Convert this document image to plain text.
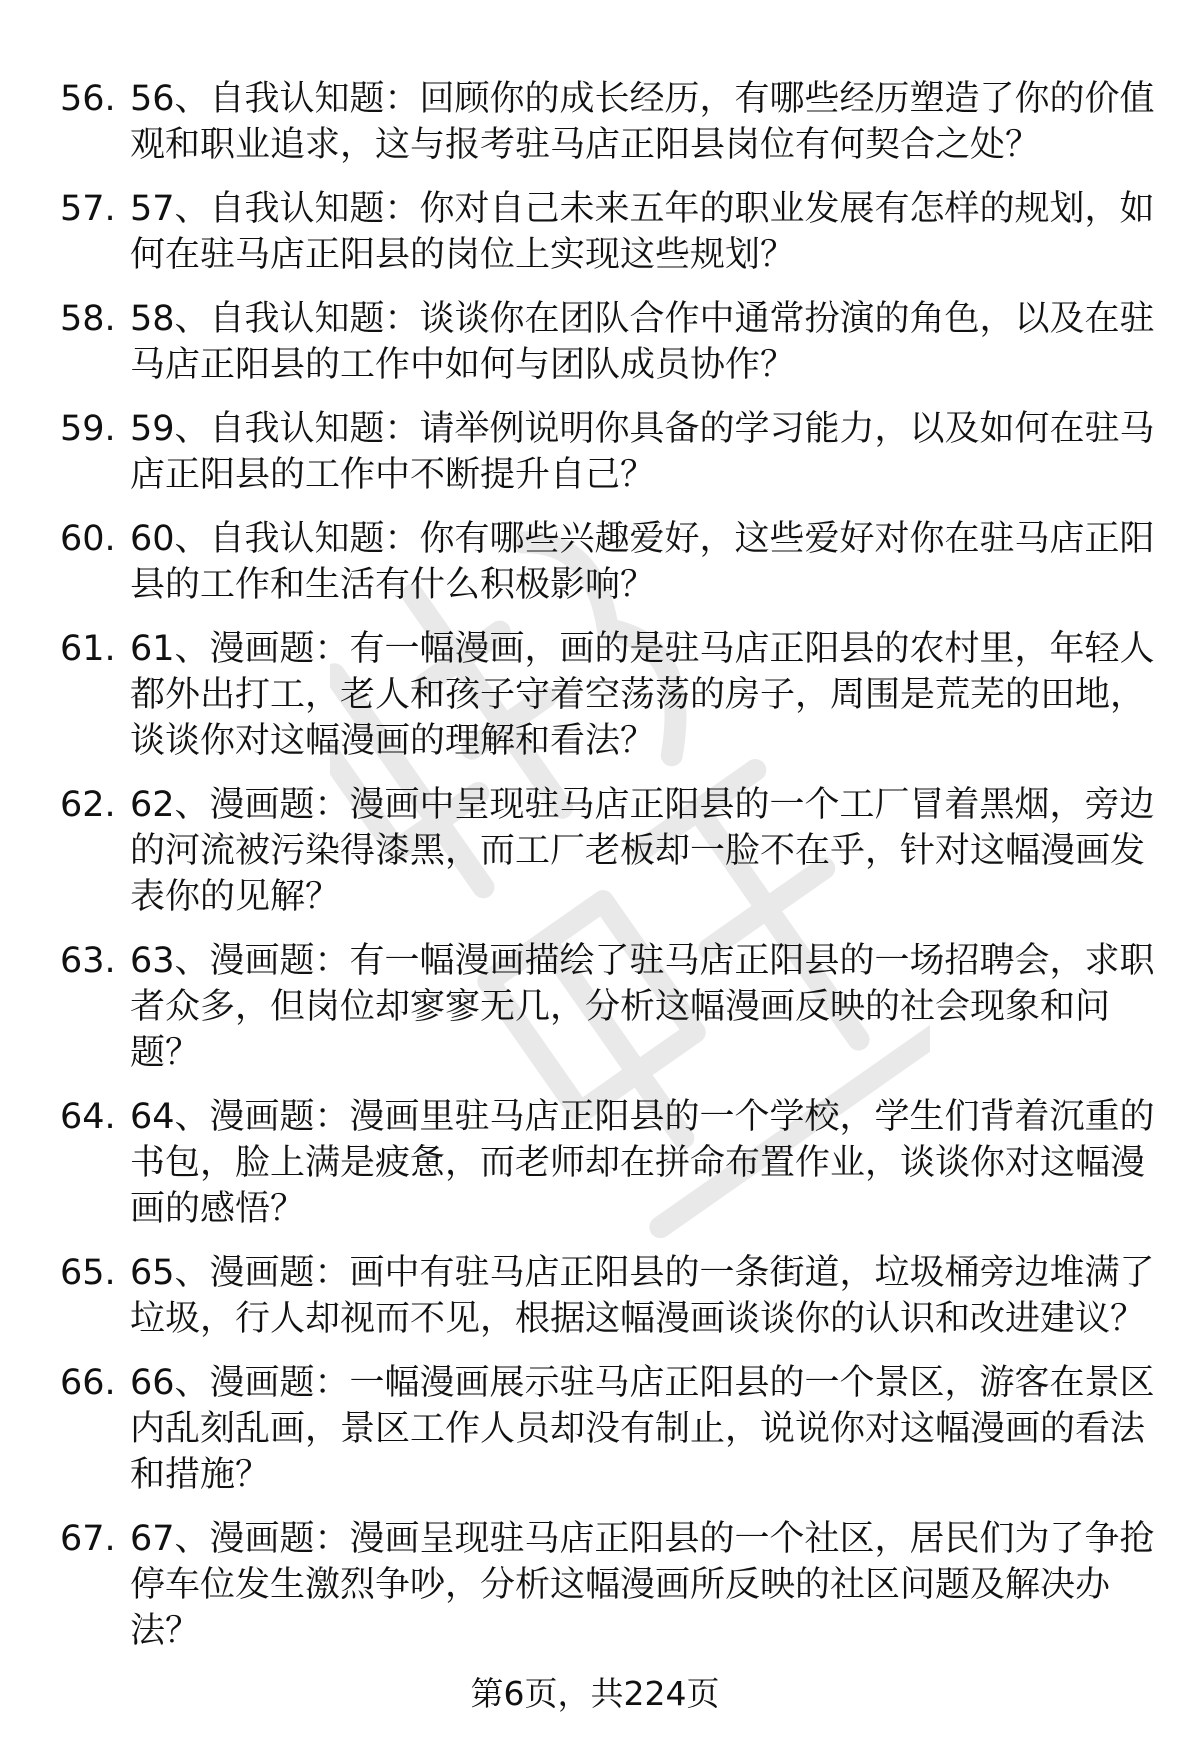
56. 56、自我认知题：回顾你的成长经历，有哪些经历塑造了你的价值观和职业追求，这与报考驻马店正阳县岗位有何契合之处？
57. 57、自我认知题：你对自己未来五年的职业发展有怎样的规划，如何在驻马店正阳县的岗位上实现这些规划？
58. 58、自我认知题：谈谈你在团队合作中通常扮演的角色，以及在驻马店正阳县的工作中如何与团队成员协作？
59. 59、自我认知题：请举例说明你具备的学习能力，以及如何在驻马店正阳县的工作中不断提升自己？
60. 60、自我认知题：你有哪些兴趣爱好，这些爱好对你在驻马店正阳县的工作和生活有什么积极影响？
61. 61、漫画题：有一幅漫画，画的是驻马店正阳县的农村里，年轻人都外出打工，老人和孩子守着空荡荡的房子，周围是荒芜的田地，谈谈你对这幅漫画的理解和看法？
62. 62、漫画题：漫画中呈现驻马店正阳县的一个工厂冒着黑烟，旁边的河流被污染得漆黑，而工厂老板却一脸不在乎，针对这幅漫画发表你的见解？
63. 63、漫画题：有一幅漫画描绘了驻马店正阳县的一场招聘会，求职者众多，但岗位却寥寥无几，分析这幅漫画反映的社会现象和问题？
64. 64、漫画题：漫画里驻马店正阳县的一个学校，学生们背着沉重的书包，脸上满是疲惫，而老师却在拼命布置作业，谈谈你对这幅漫画的感悟？
65. 65、漫画题：画中有驻马店正阳县的一条街道，垃圾桶旁边堆满了垃圾，行人却视而不见，根据这幅漫画谈谈你的认识和改进建议？
66. 66、漫画题：一幅漫画展示驻马店正阳县的一个景区，游客在景区内乱刻乱画，景区工作人员却没有制止，说说你对这幅漫画的看法和措施？
67. 67、漫画题：漫画呈现驻马店正阳县的一个社区，居民们为了争抢停车位发生激烈争吵，分析这幅漫画所反映的社区问题及解决办法？
第6页，共224页
